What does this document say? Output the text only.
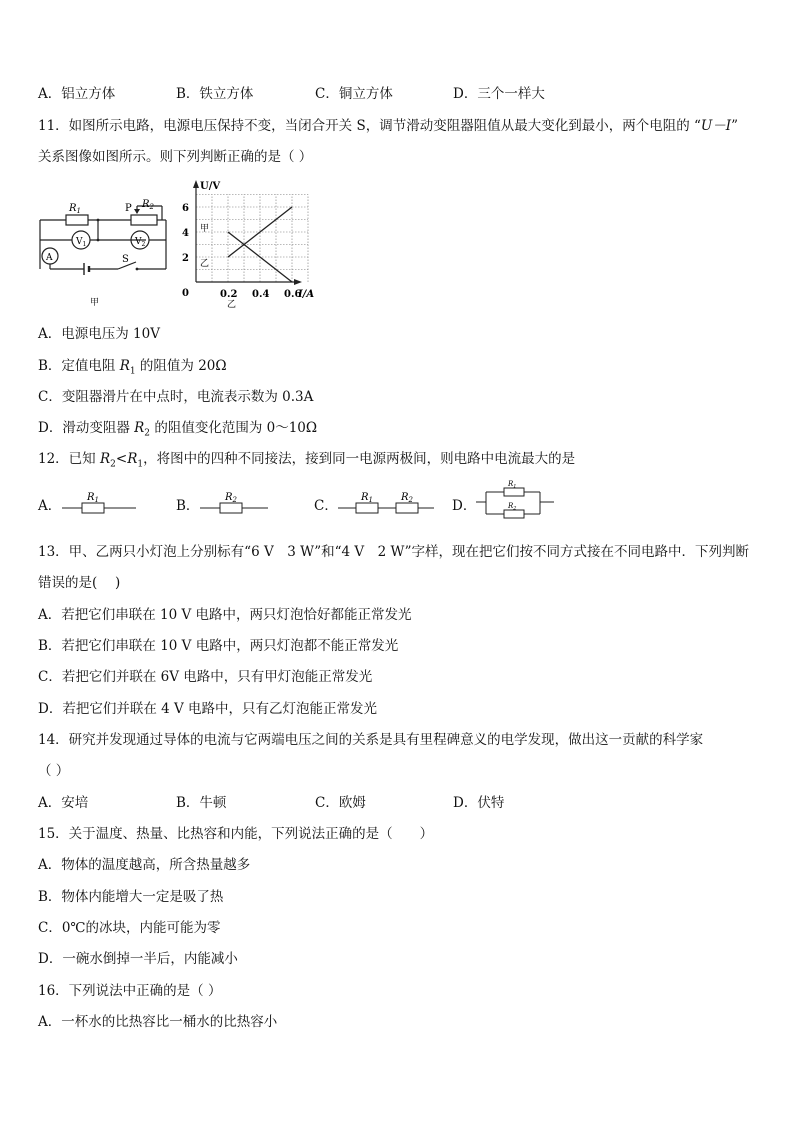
A．铝立方体	B．铁立方体	C．铜立方体	D．三个一样大
11．如图所示电路，电源电压保持不变，当闭合开关 S，调节滑动变阻器阻值从最大变化到最小，两个电阻的 “U－I”
关系图像如图所示。则下列判断正确的是（ ）
$R_1$	P $R_2$
$V_1$	$V_2$
A	S
甲
U/V
I/A
0
2
4
6
0.2 0.4 0.6
甲
乙
乙
A．电源电压为 10V
B．定值电阻 $R_1$ 的阻值为 20Ω
C．变阻器滑片在中点时，电流表示数为 0.3A
D．滑动变阻器 $R_2$ 的阻值变化范围为 0～10Ω
12．已知 $R_2<R_1$，将图中的四种不同接法，接到同一电源两极间，则电路中电流最大的是
A．
$R_1$	B．
$R_2$	C．
$R_1$	$R_2$	D．
$R_1$
$R_2$
13．甲、乙两只小灯泡上分别标有“6 V　3 W”和“4 V　2 W”字样，现在把它们按不同方式接在不同电路中．下列判断
错误的是(　 )
A．若把它们串联在 10 V 电路中，两只灯泡恰好都能正常发光
B．若把它们串联在 10 V 电路中，两只灯泡都不能正常发光
C．若把它们并联在 6V 电路中，只有甲灯泡能正常发光
D．若把它们并联在 4 V 电路中，只有乙灯泡能正常发光
14．研究并发现通过导体的电流与它两端电压之间的关系是具有里程碑意义的电学发现，做出这一贡献的科学家
（ ）
A．安培	B．牛顿	C．欧姆	D．伏特
15．关于温度、热量、比热容和内能，下列说法正确的是（　　）
A．物体的温度越高，所含热量越多
B．物体内能增大一定是吸了热
C．0℃的冰块，内能可能为零
D．一碗水倒掉一半后，内能减小
16．下列说法中正确的是（ ）
A．一杯水的比热容比一桶水的比热容小
